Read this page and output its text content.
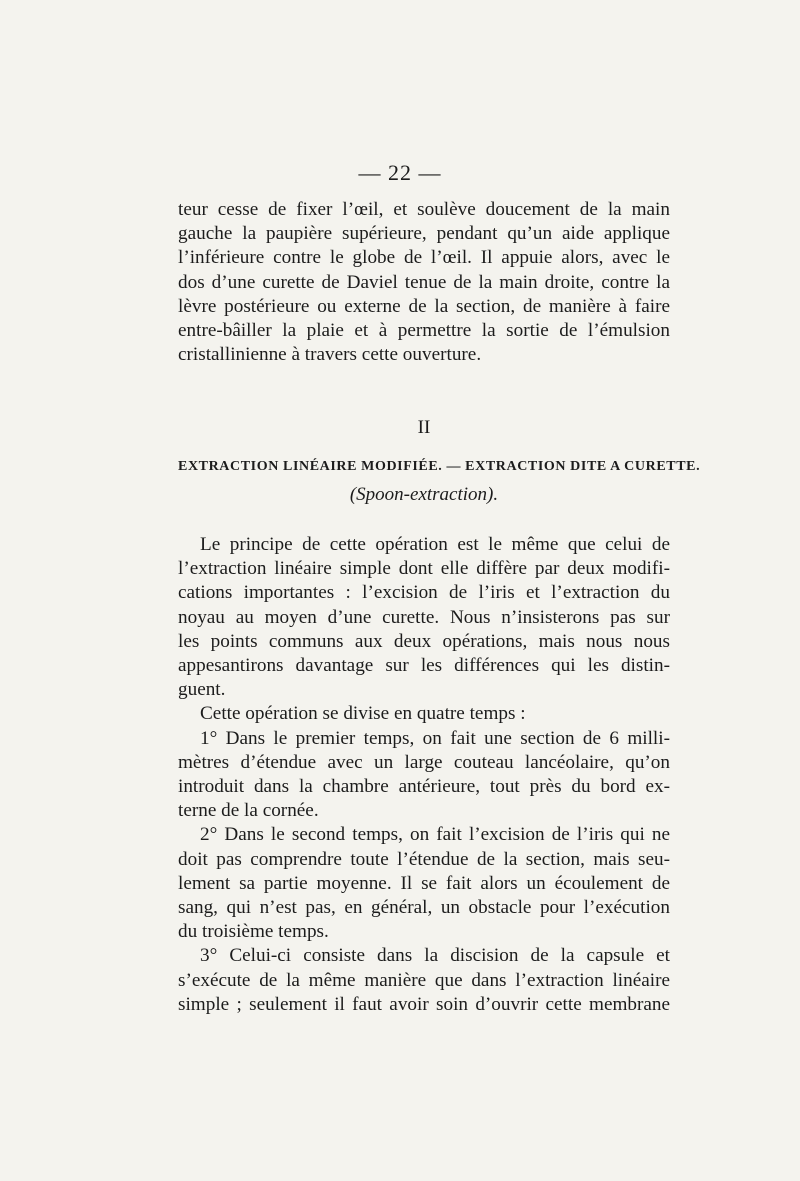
— 22 —

teur cesse de fixer l’œil, et soulève doucement de la main
gauche la paupière supérieure, pendant qu’un aide applique
l’inférieure contre le globe de l’œil. Il appuie alors, avec le
dos d’une curette de Daviel tenue de la main droite, contre la
lèvre postérieure ou externe de la section, de manière à faire
entre-bâiller la plaie et à permettre la sortie de l’émulsion
cristallinienne à travers cette ouverture.

II

EXTRACTION LINÉAIRE MODIFIÉE. — EXTRACTION DITE A CURETTE.

(Spoon-extraction).

Le principe de cette opération est le même que celui de
l’extraction linéaire simple dont elle diffère par deux modifi-
cations importantes : l’excision de l’iris et l’extraction du
noyau au moyen d’une curette. Nous n’insisterons pas sur
les points communs aux deux opérations, mais nous nous
appesantirons davantage sur les différences qui les distin-
guent.

Cette opération se divise en quatre temps :

1° Dans le premier temps, on fait une section de 6 milli-
mètres d’étendue avec un large couteau lancéolaire, qu’on
introduit dans la chambre antérieure, tout près du bord ex-
terne de la cornée.

2° Dans le second temps, on fait l’excision de l’iris qui ne
doit pas comprendre toute l’étendue de la section, mais seu-
lement sa partie moyenne. Il se fait alors un écoulement de
sang, qui n’est pas, en général, un obstacle pour l’exécution
du troisième temps.

3° Celui-ci consiste dans la discision de la capsule et
s’exécute de la même manière que dans l’extraction linéaire
simple ; seulement il faut avoir soin d’ouvrir cette membrane
